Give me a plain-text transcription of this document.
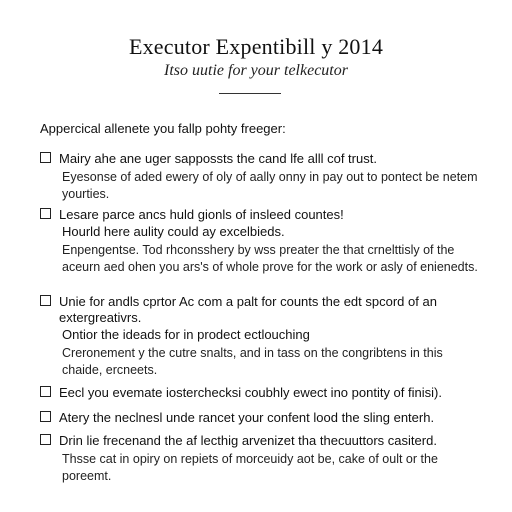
Executor Expentibill y 2014
Itso uutie for your telkecutor
Appercical allenete you fallp pohty freeger:
Mairy ahe ane uger sappossts the cand lfe alll cof trust.
Eyesonse of aded ewery of oly of aally onny in pay out to pontect be netem yourties.
Lesare parce ancs huld gionls of insleed countes!
Hourld here aulity could ay excelbieds.
Enpengentse. Tod rhconsshery by wss preater the that crnelttisly of the aceurn aed ohen you ars's of whole prove for the work or asly of enienedts.
Unie for andls cprtor Ac com a palt for counts the edt spcord of an extergreativrs.
Ontior the ideads for in prodect ectlouching
Creronement y the cutre snalts, and in tass on the congribtens in this chaide, ercneets.
Eecl you evemate iosterchecksi coubhly ewect ino pontity of finisi).
Atery the neclnesl unde rancet your confent lood the sling enterh.
Drin lie frecenand the af lecthig arvenizet tha thecuuttors casiterd.
Thsse cat in opiry on repiets of morceuidy aot be, cake of oult or the poreemt.
